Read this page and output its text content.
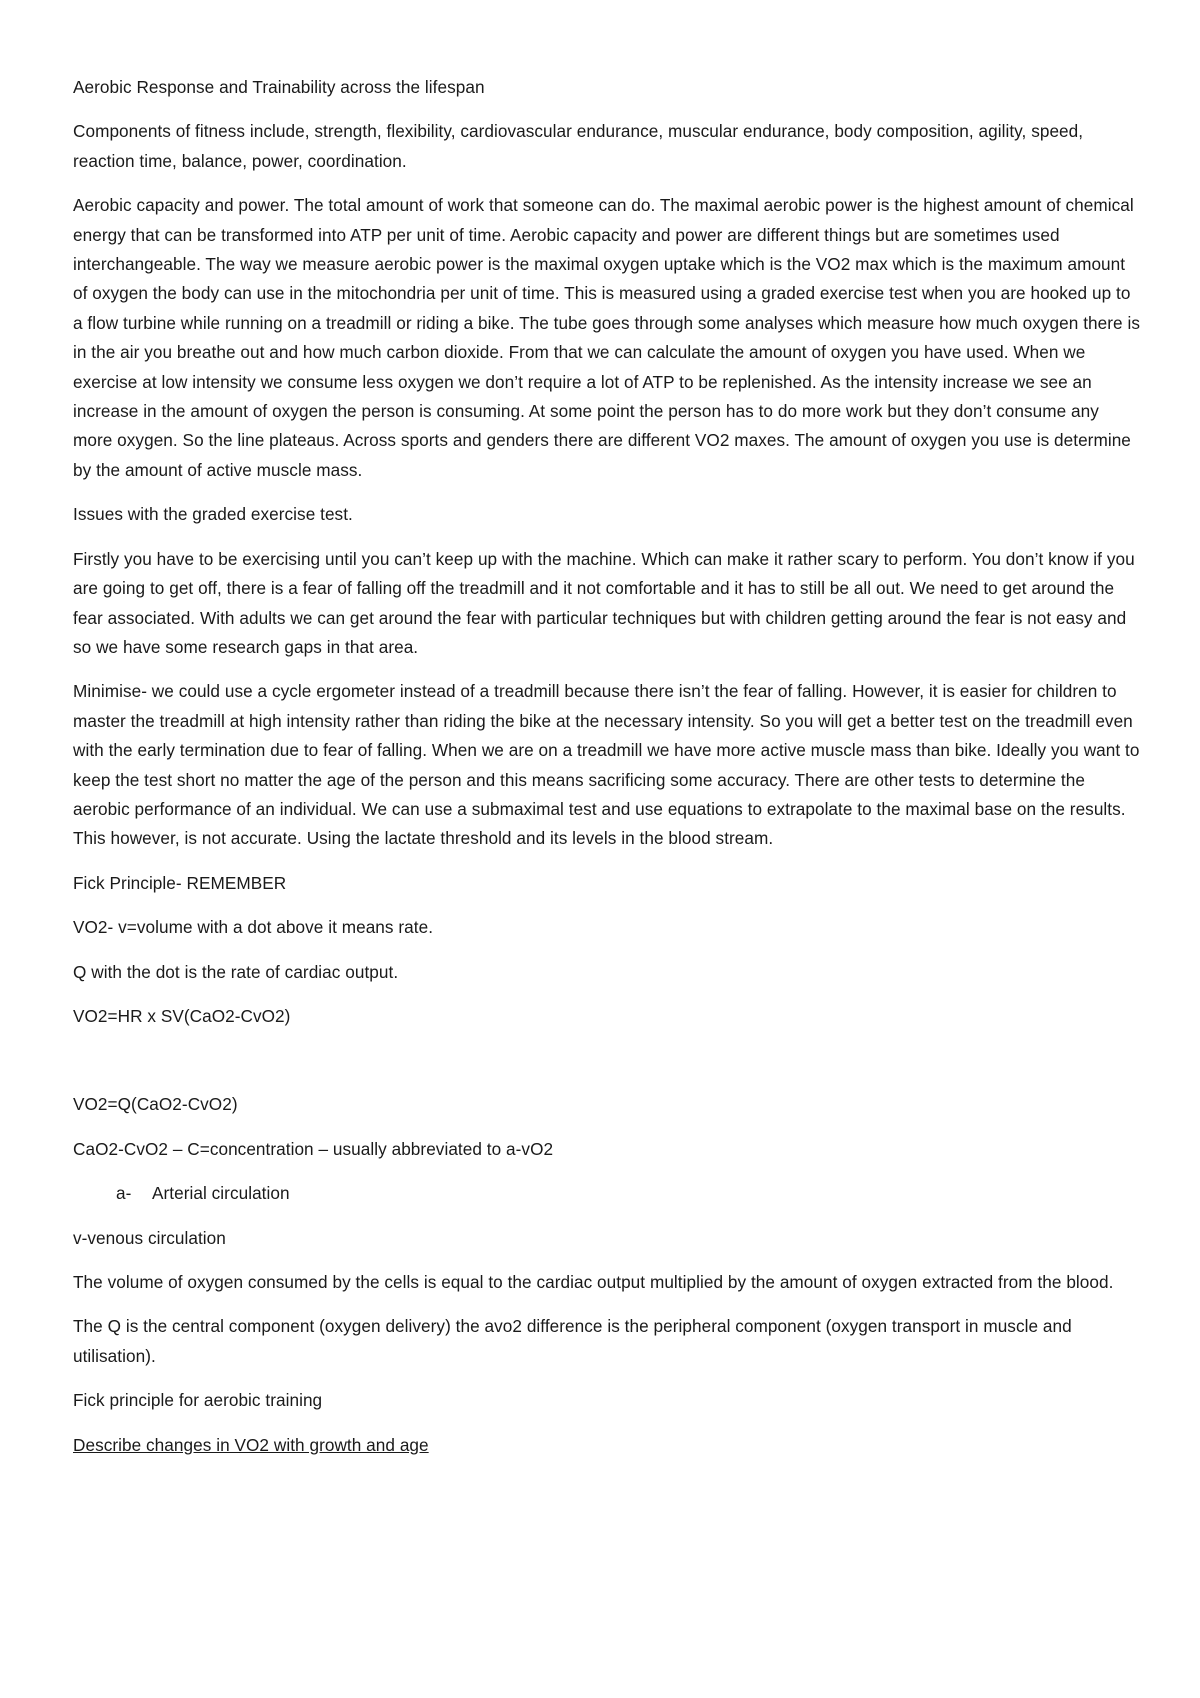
Aerobic Response and Trainability across the lifespan

Components of fitness include, strength, flexibility, cardiovascular endurance, muscular endurance, body composition, agility, speed, reaction time, balance, power, coordination.

Aerobic capacity and power. The total amount of work that someone can do. The maximal aerobic power is the highest amount of chemical energy that can be transformed into ATP per unit of time. Aerobic capacity and power are different things but are sometimes used interchangeable. The way we measure aerobic power is the maximal oxygen uptake which is the VO2 max which is the maximum amount of oxygen the body can use in the mitochondria per unit of time. This is measured using a graded exercise test when you are hooked up to a flow turbine while running on a treadmill or riding a bike. The tube goes through some analyses which measure how much oxygen there is in the air you breathe out and how much carbon dioxide. From that we can calculate the amount of oxygen you have used. When we exercise at low intensity we consume less oxygen we don’t require a lot of ATP to be replenished. As the intensity increase we see an increase in the amount of oxygen the person is consuming. At some point the person has to do more work but they don’t consume any more oxygen. So the line plateaus. Across sports and genders there are different VO2 maxes. The amount of oxygen you use is determine by the amount of active muscle mass.

Issues with the graded exercise test.

Firstly you have to be exercising until you can’t keep up with the machine. Which can make it rather scary to perform. You don’t know if you are going to get off, there is a fear of falling off the treadmill and it not comfortable and it has to still be all out. We need to get around the fear associated. With adults we can get around the fear with particular techniques but with children getting around the fear is not easy and so we have some research gaps in that area.

Minimise- we could use a cycle ergometer instead of a treadmill because there isn’t the fear of falling. However, it is easier for children to master the treadmill at high intensity rather than riding the bike at the necessary intensity. So you will get a better test on the treadmill even with the early termination due to fear of falling. When we are on a treadmill we have more active muscle mass than bike. Ideally you want to keep the test short no matter the age of the person and this means sacrificing some accuracy. There are other tests to determine the aerobic performance of an individual. We can use a submaximal test and use equations to extrapolate to the maximal base on the results. This however, is not accurate. Using the lactate threshold and its levels in the blood stream.

Fick Principle- REMEMBER

VO2- v=volume with a dot above it means rate.

Q with the dot is the rate of cardiac output.

VO2=HR x SV(CaO2-CvO2)

VO2=Q(CaO2-CvO2)

CaO2-CvO2 – C=concentration – usually abbreviated to a-vO2

a- Arterial circulation

v-venous circulation

The volume of oxygen consumed by the cells is equal to the cardiac output multiplied by the amount of oxygen extracted from the blood.

The Q is the central component (oxygen delivery) the avo2 difference is the peripheral component (oxygen transport in muscle and utilisation).

Fick principle for aerobic training

Describe changes in VO2 with growth and age
